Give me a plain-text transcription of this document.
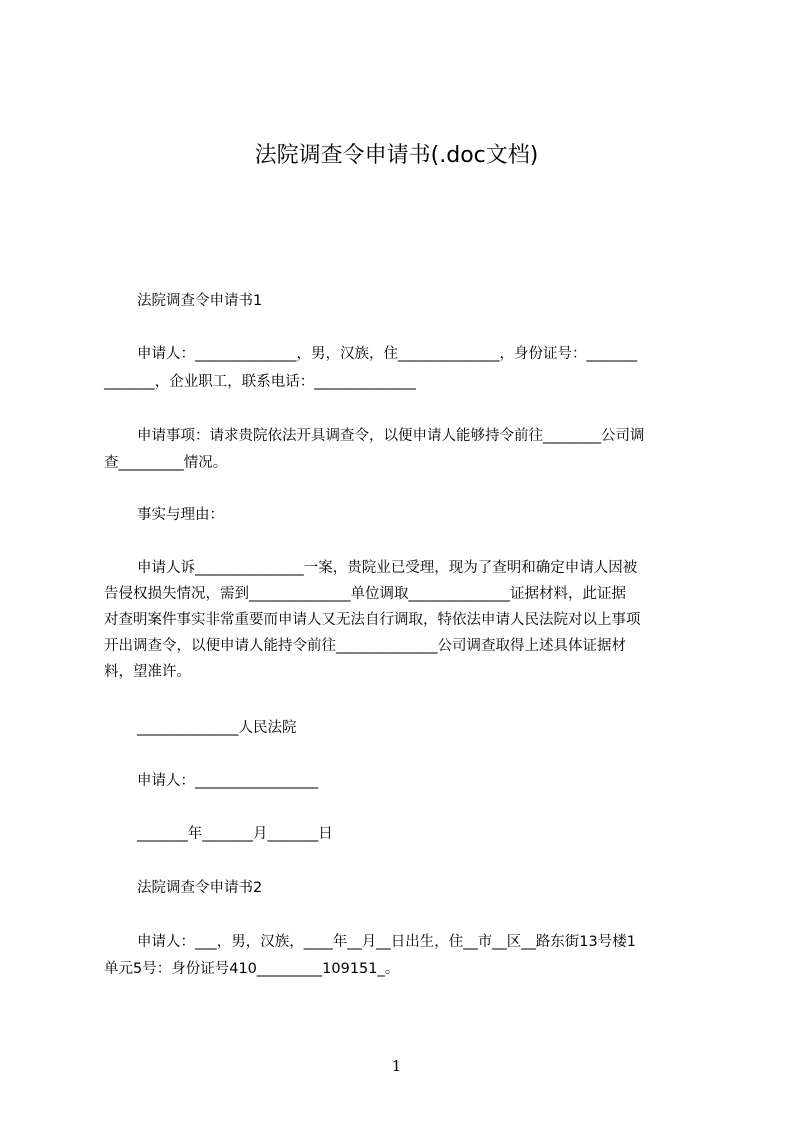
法院调查令申请书(.doc文档)
法院调查令申请书1
申请人：______________，男，汉族，住______________，身份证号：_______
_______，企业职工，联系电话：______________
申请事项：请求贵院依法开具调查令，以便申请人能够持令前往________公司调
查_________情况。
事实与理由：
申请人诉_______________一案，贵院业已受理，现为了查明和确定申请人因被
告侵权损失情况，需到______________单位调取______________证据材料，此证据
对查明案件事实非常重要而申请人又无法自行调取，特依法申请人民法院对以上事项
开出调查令，以便申请人能持令前往______________公司调查取得上述具体证据材
料，望准许。
______________人民法院
申请人：_________________
_______年_______月_______日
法院调查令申请书2
申请人：___，男，汉族，____年__月__日出生，住__市__区__路东街13号楼1
单元5号：身份证号410_________109151_。
1
